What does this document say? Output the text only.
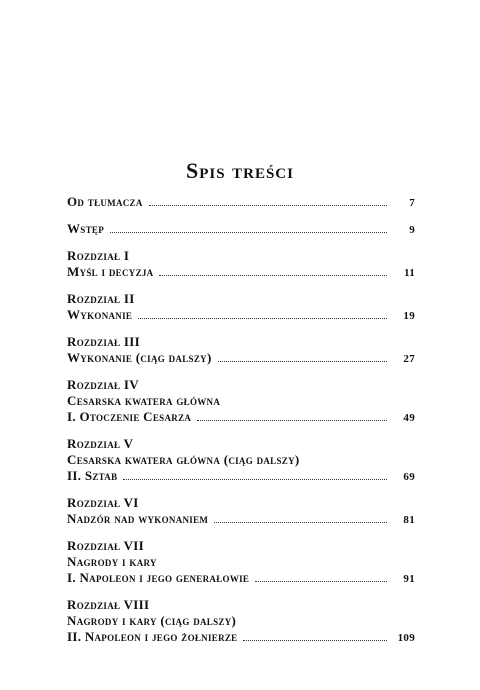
Spis treści
Od tłumacza	7
Wstęp	9
Rozdział I
Myśl i decyzja	11
Rozdział II
Wykonanie	19
Rozdział III
Wykonanie (ciąg dalszy)	27
Rozdział IV
Cesarska kwatera główna
I. Otoczenie Cesarza	49
Rozdział V
Cesarska kwatera główna (ciąg dalszy)
II. Sztab	69
Rozdział VI
Nadzór nad wykonaniem	81
Rozdział VII
Nagrody i kary
I. Napoleon i jego generałowie	91
Rozdział VIII
Nagrody i kary (ciąg dalszy)
II. Napoleon i jego żołnierze	109
